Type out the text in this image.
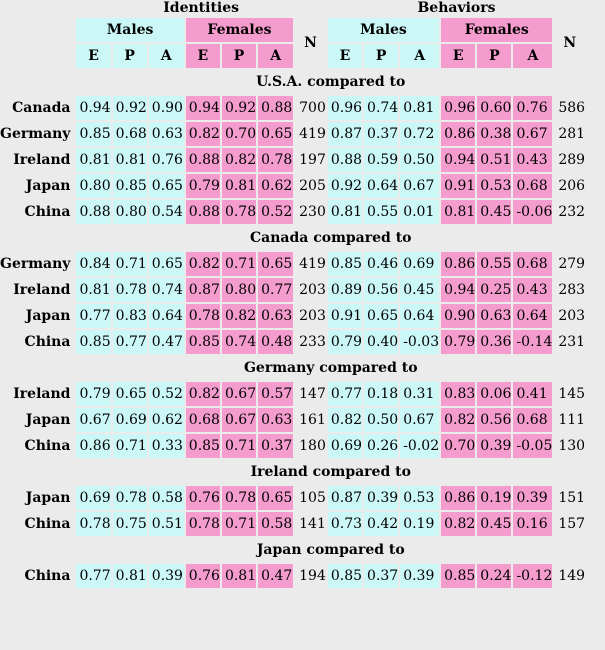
	Identities							Behaviors						
	Males			Females			N	Males			Females			N
	E	P	A	E	P	A		E	P	A	E	P	A	
	U.S.A. compared to													
Canada	0.94	0.92	0.90	0.94	0.92	0.88	700	0.96	0.74	0.81	0.96	0.60	0.76	586
Germany	0.85	0.68	0.63	0.82	0.70	0.65	419	0.87	0.37	0.72	0.86	0.38	0.67	281
Ireland	0.81	0.81	0.76	0.88	0.82	0.78	197	0.88	0.59	0.50	0.94	0.51	0.43	289
Japan	0.80	0.85	0.65	0.79	0.81	0.62	205	0.92	0.64	0.67	0.91	0.53	0.68	206
China	0.88	0.80	0.54	0.88	0.78	0.52	230	0.81	0.55	0.01	0.81	0.45	-0.06	232
	Canada compared to													
Germany	0.84	0.71	0.65	0.82	0.71	0.65	419	0.85	0.46	0.69	0.86	0.55	0.68	279
Ireland	0.81	0.78	0.74	0.87	0.80	0.77	203	0.89	0.56	0.45	0.94	0.25	0.43	283
Japan	0.77	0.83	0.64	0.78	0.82	0.63	203	0.91	0.65	0.64	0.90	0.63	0.64	203
China	0.85	0.77	0.47	0.85	0.74	0.48	233	0.79	0.40	-0.03	0.79	0.36	-0.14	231
	Germany compared to													
Ireland	0.79	0.65	0.52	0.82	0.67	0.57	147	0.77	0.18	0.31	0.83	0.06	0.41	145
Japan	0.67	0.69	0.62	0.68	0.67	0.63	161	0.82	0.50	0.67	0.82	0.56	0.68	111
China	0.86	0.71	0.33	0.85	0.71	0.37	180	0.69	0.26	-0.02	0.70	0.39	-0.05	130
	Ireland compared to													
Japan	0.69	0.78	0.58	0.76	0.78	0.65	105	0.87	0.39	0.53	0.86	0.19	0.39	151
China	0.78	0.75	0.51	0.78	0.71	0.58	141	0.73	0.42	0.19	0.82	0.45	0.16	157
	Japan compared to													
China	0.77	0.81	0.39	0.76	0.81	0.47	194	0.85	0.37	0.39	0.85	0.24	-0.12	149
